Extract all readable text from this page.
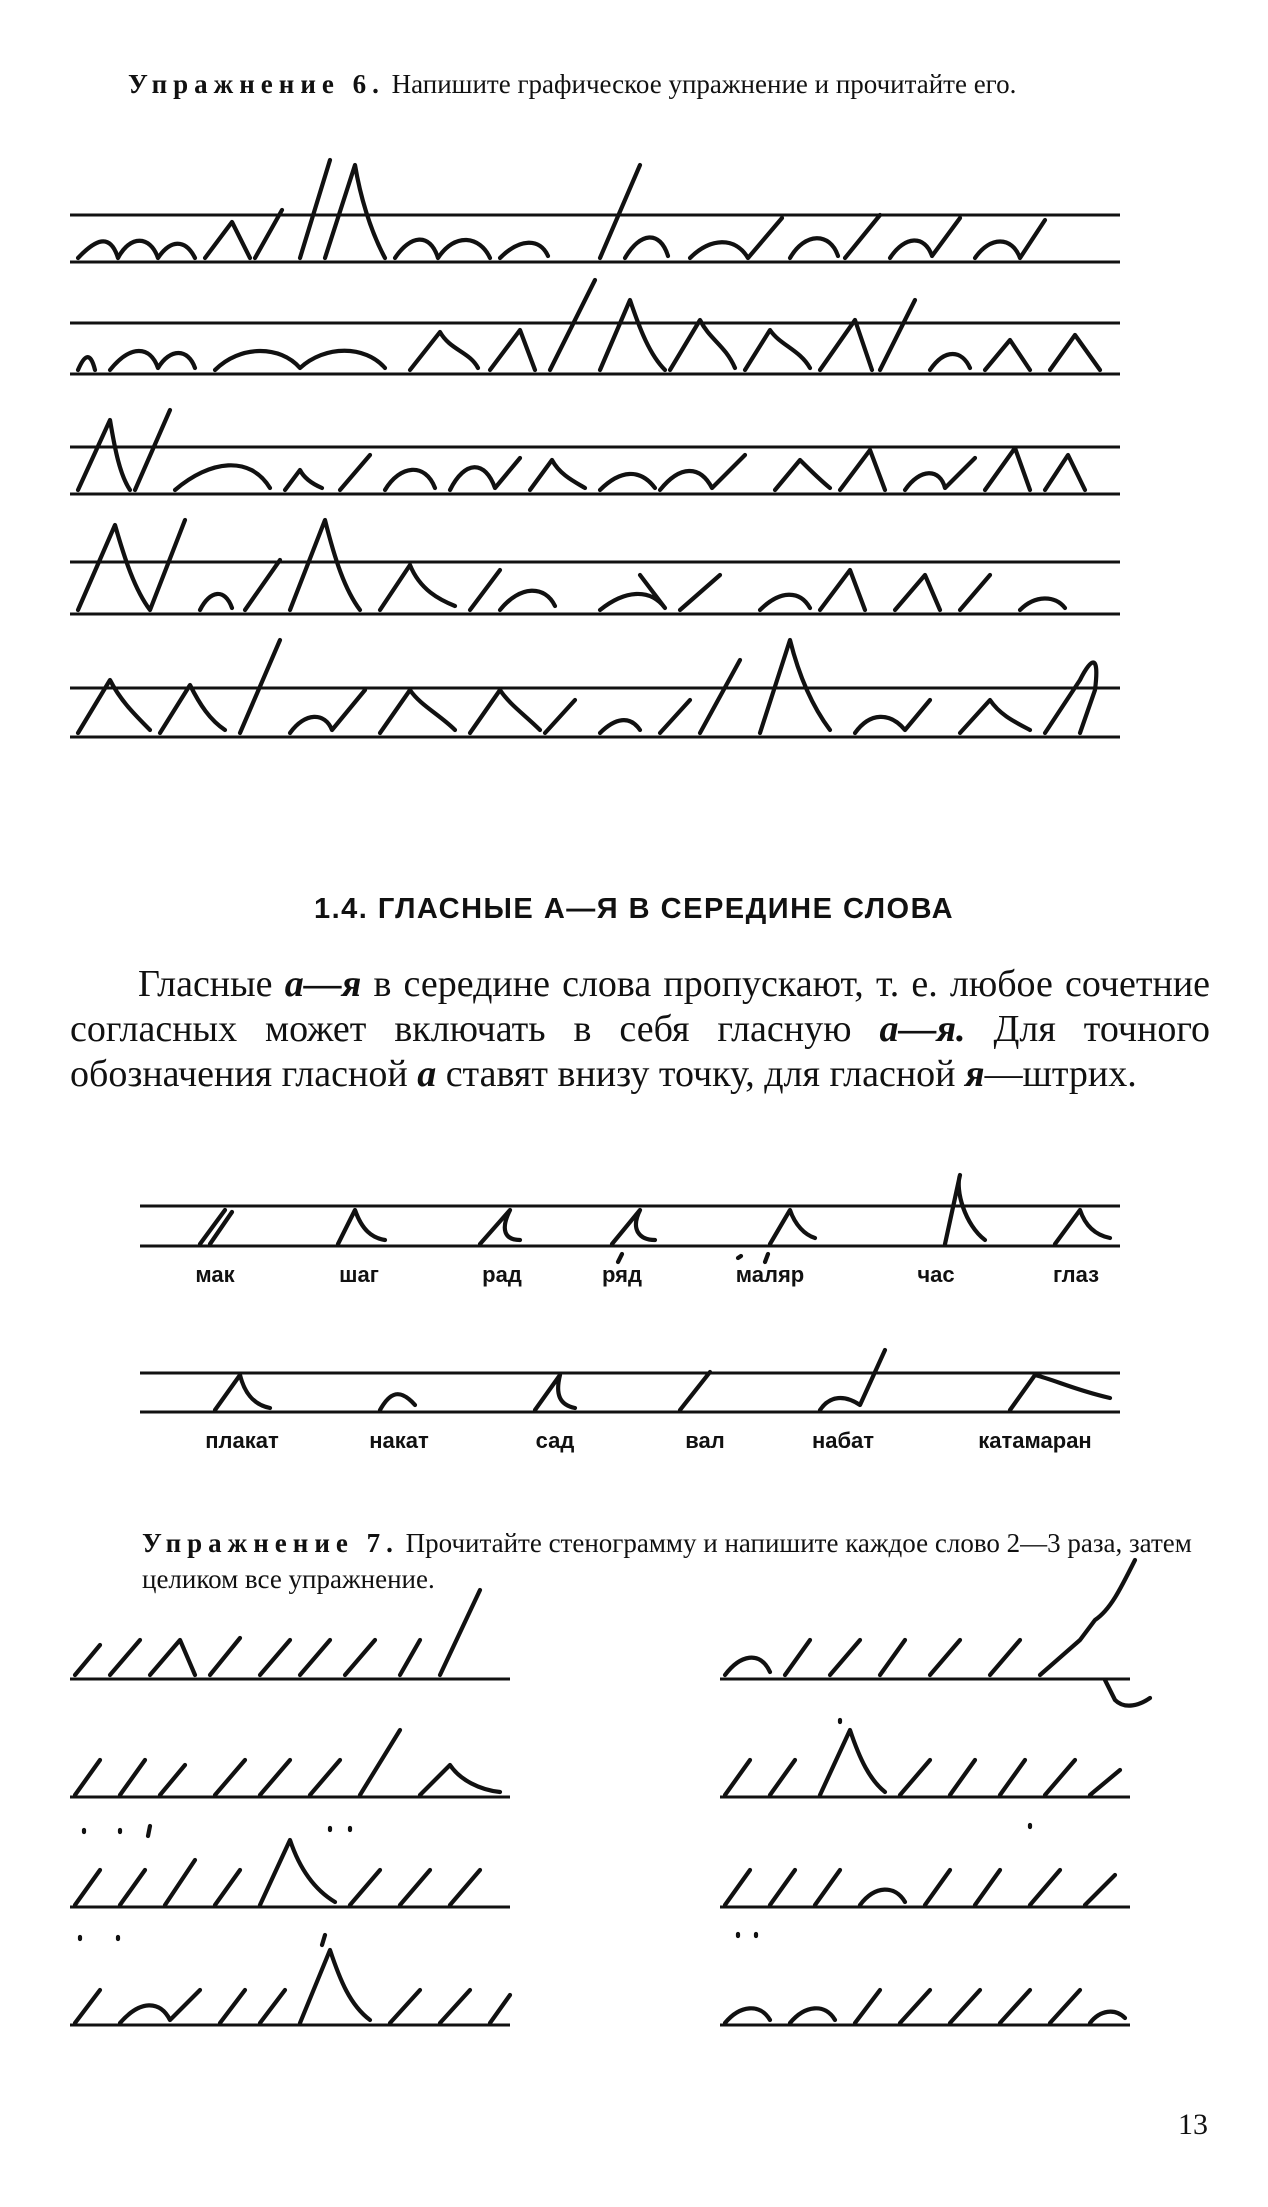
Упражнение 6. Напишите графическое упражнение и прочитайте его.
1.4. ГЛАСНЫЕ А—Я В СЕРЕДИНЕ СЛОВА
Гласные а—я в середине слова пропускают, т. е. любое сочетние согласных может включать в себя гласную а—я. Для точного обозначения гласной а ставят внизу точку, для гласной я—штрих.
мак	шаг	рад	ряд	маляр	час	глаз
плакат	накат	сад	вал	набат	катамаран
Упражнение 7. Прочитайте стенограмму и напишите каждое слово 2—3 раза, затем целиком все упражнение.
13
